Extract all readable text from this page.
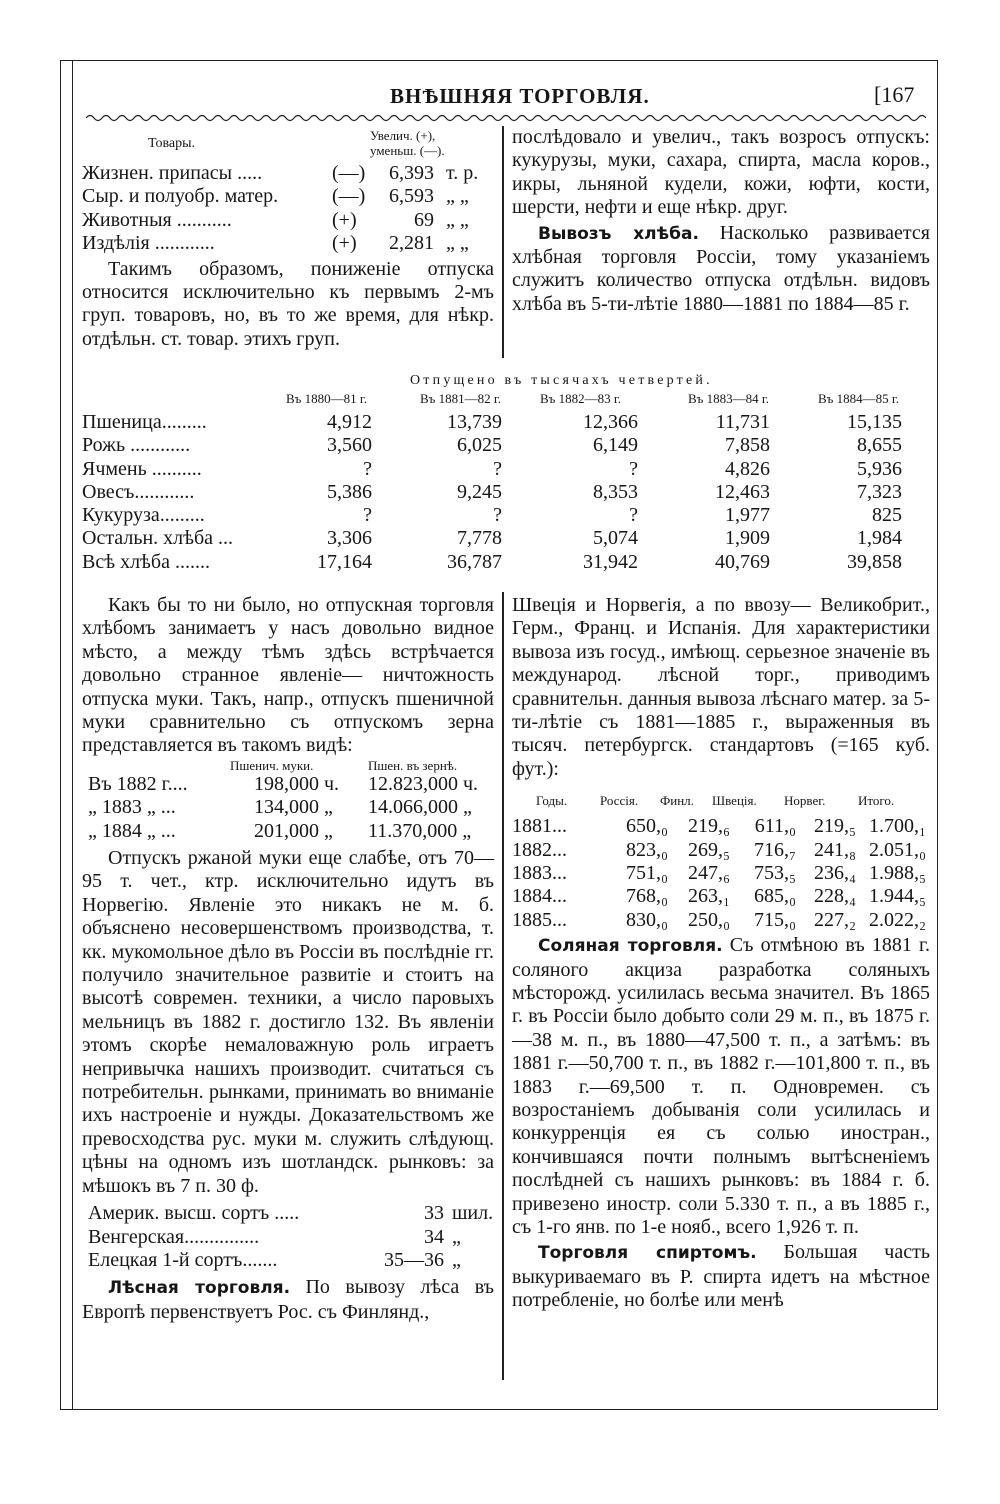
ВНѢШНЯЯ ТОРГОВЛЯ.	[167
Товары.
Увелич. (+),
уменьш. (—).
Жизнен. припасы .....	(—) 6,393 т. р.
Сыр. и полуобр. матер.	(—) 6,593 „ „
Животныя ...........	(+)	69 „ „
Издѣлія ............	(+) 2,281 „ „

Такимъ образомъ, пониженіе отпуска относится исключительно къ первымъ 2-мъ груп. товаровъ, но, въ то же время, для нѣкр. отдѣльн. ст. товар. этихъ груп.

послѣдовало и увелич., такъ возросъ отпускъ: кукурузы, муки, сахара, спирта, масла коров., икры, льняной кудели, кожи, юфти, кости, шерсти, нефти и еще нѣкр. друг.

Вывозъ хлѣба. Насколько развивается хлѣбная торговля Россіи, тому указаніемъ служитъ количество отпуска отдѣльн. видовъ хлѣба въ 5-ти-лѣтіе 1880—1881 по 1884—85 г.

Отпущено въ тысячахъ четвертей.
Въ 1880—81 г.	Въ 1881—82 г.	Въ 1882—83 г.	Въ 1883—84 г.	Въ 1884—85 г.
Пшеница.........	4,912	13,739	12,366	11,731	15,135
Рожь ............	3,560	6,025	6,149	7,858	8,655
Ячмень ..........	?	?	?	4,826	5,936
Овесъ............	5,386	9,245	8,353	12,463	7,323
Кукуруза.........	?	?	?	1,977	825
Остальн. хлѣба ...	3,306	7,778	5,074	1,909	1,984
Всѣ хлѣба .......	17,164	36,787	31,942	40,769	39,858

Какъ бы то ни было, но отпускная торговля хлѣбомъ занимаетъ у насъ довольно видное мѣсто, а между тѣмъ здѣсь встрѣчается довольно странное явленіе— ничтожность отпуска муки. Такъ, напр., отпускъ пшеничной муки сравнительно съ отпускомъ зерна представляется въ такомъ видѣ:

Пшенич. муки.	Пшен. въ зернѣ.
Въ 1882 г....	198,000 ч. 12.823,000 ч.
„ 1883 „ ...	134,000 „ 14.066,000 „
„ 1884 „ ...	201,000 „ 11.370,000 „

Отпускъ ржаной муки еще слабѣе, отъ 70—95 т. чет., ктр. исключительно идутъ въ Норвегію. Явленіе это никакъ не м. б. объяснено несовершенствомъ производства, т. кк. мукомольное дѣло въ Россіи въ послѣдніе гг. получило значительное развитіе и стоитъ на высотѣ современ. техники, а число паровыхъ мельницъ въ 1882 г. достигло 132. Въ явленіи этомъ скорѣе немаловажную роль играетъ непривычка нашихъ производит. считаться съ потребительн. рынками, принимать во вниманіе ихъ настроеніе и нужды. Доказательствомъ же превосходства рус. муки м. служить слѣдующ. цѣны на одномъ изъ шотландск. рынковъ: за мѣшокъ въ 7 п. 30 ф.

Америк. высш. сортъ .....	33 шил.
Венгерская...............	34 „
Елецкая 1-й сортъ.......	35—36 „

Лѣсная торговля. По вывозу лѣса въ Европѣ первенствуетъ Рос. съ Финлянд.,

Швеція и Норвегія, а по ввозу— Великобрит., Герм., Франц. и Испанія. Для характеристики вывоза изъ госуд., имѣющ. серьезное значеніе въ международ. лѣсной торг., приводимъ сравнительн. данныя вывоза лѣснаго матер. за 5-ти-лѣтіе съ 1881—1885 г., выраженныя въ тысяч. петербургск. стандартовъ (=165 куб. фут.):

Годы.	Россія. Финл. Швеція. Норвег.	Итого.
1881...	650,₀ 219,₆ 611,₀ 219,₅ 1.700,₁
1882...	823,₀ 269,₅ 716,₇ 241,₈ 2.051,₀
1883...	751,₀ 247,₆ 753,₅ 236,₄ 1.988,₅
1884...	768,₀ 263,₁ 685,₀ 228,₄ 1.944,₅
1885...	830,₀ 250,₀ 715,₀ 227,₂ 2.022,₂

Соляная торговля. Съ отмѣною въ 1881 г. соляного акциза разработка соляныхъ мѣсторожд. усилилась весьма значител. Въ 1865 г. въ Россіи было добыто соли 29 м. п., въ 1875 г.—38 м. п., въ 1880—47,500 т. п., а затѣмъ: въ 1881 г.—50,700 т. п., въ 1882 г.—101,800 т. п., въ 1883 г.—69,500 т. п. Одновремен. съ возростаніемъ добыванія соли усилилась и конкурренція ея съ солью иностран., кончившаяся почти полнымъ вытѣсненіемъ послѣдней съ нашихъ рынковъ: въ 1884 г. б. привезено иностр. соли 5.330 т. п., а въ 1885 г., съ 1-го янв. по 1-е нояб., всего 1,926 т. п.

Торговля спиртомъ. Большая часть выкуриваемаго въ Р. спирта идетъ на мѣстное потребленіе, но болѣе или менѣ
